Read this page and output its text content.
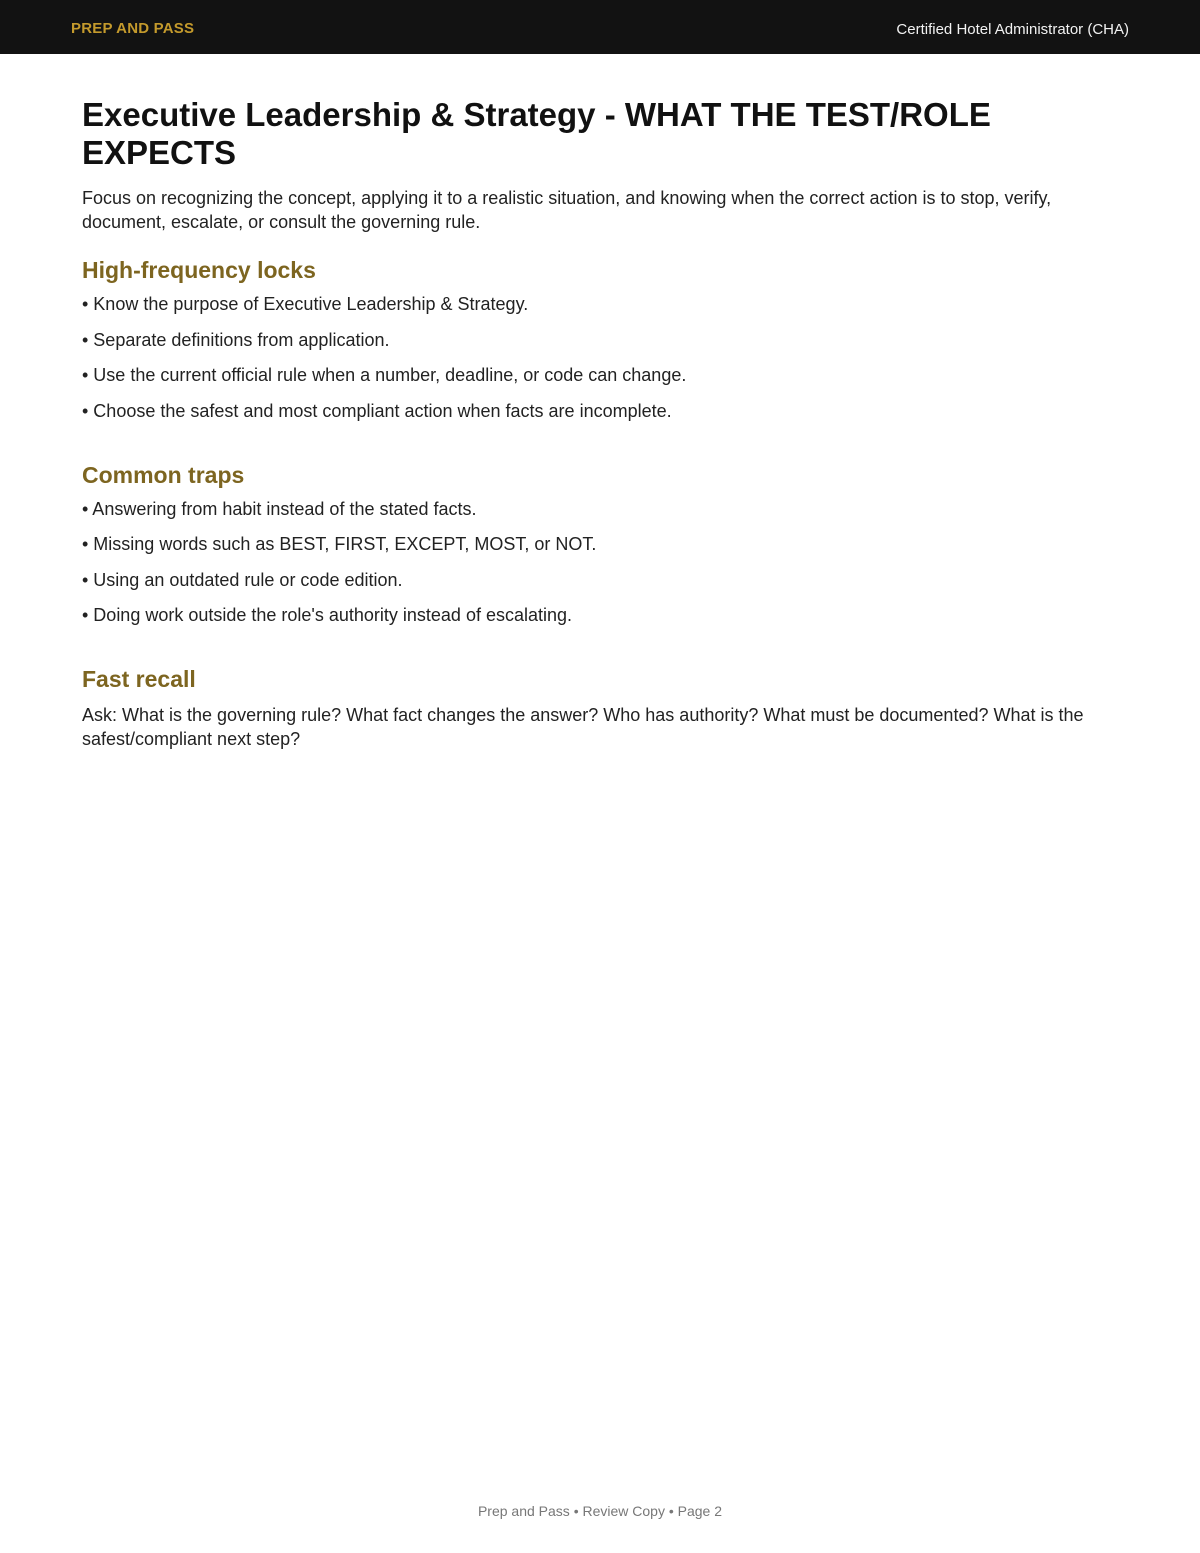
PREP AND PASS	Certified Hotel Administrator (CHA)
Executive Leadership & Strategy - WHAT THE TEST/ROLE EXPECTS

Focus on recognizing the concept, applying it to a realistic situation, and knowing when the correct action is to stop, verify, document, escalate, or consult the governing rule.

High-frequency locks
• Know the purpose of Executive Leadership & Strategy.
• Separate definitions from application.
• Use the current official rule when a number, deadline, or code can change.
• Choose the safest and most compliant action when facts are incomplete.
Common traps
• Answering from habit instead of the stated facts.
• Missing words such as BEST, FIRST, EXCEPT, MOST, or NOT.
• Using an outdated rule or code edition.
• Doing work outside the role's authority instead of escalating.
Fast recall

Ask: What is the governing rule? What fact changes the answer? Who has authority? What must be documented? What is the safest/compliant next step?

Prep and Pass • Review Copy • Page 2
